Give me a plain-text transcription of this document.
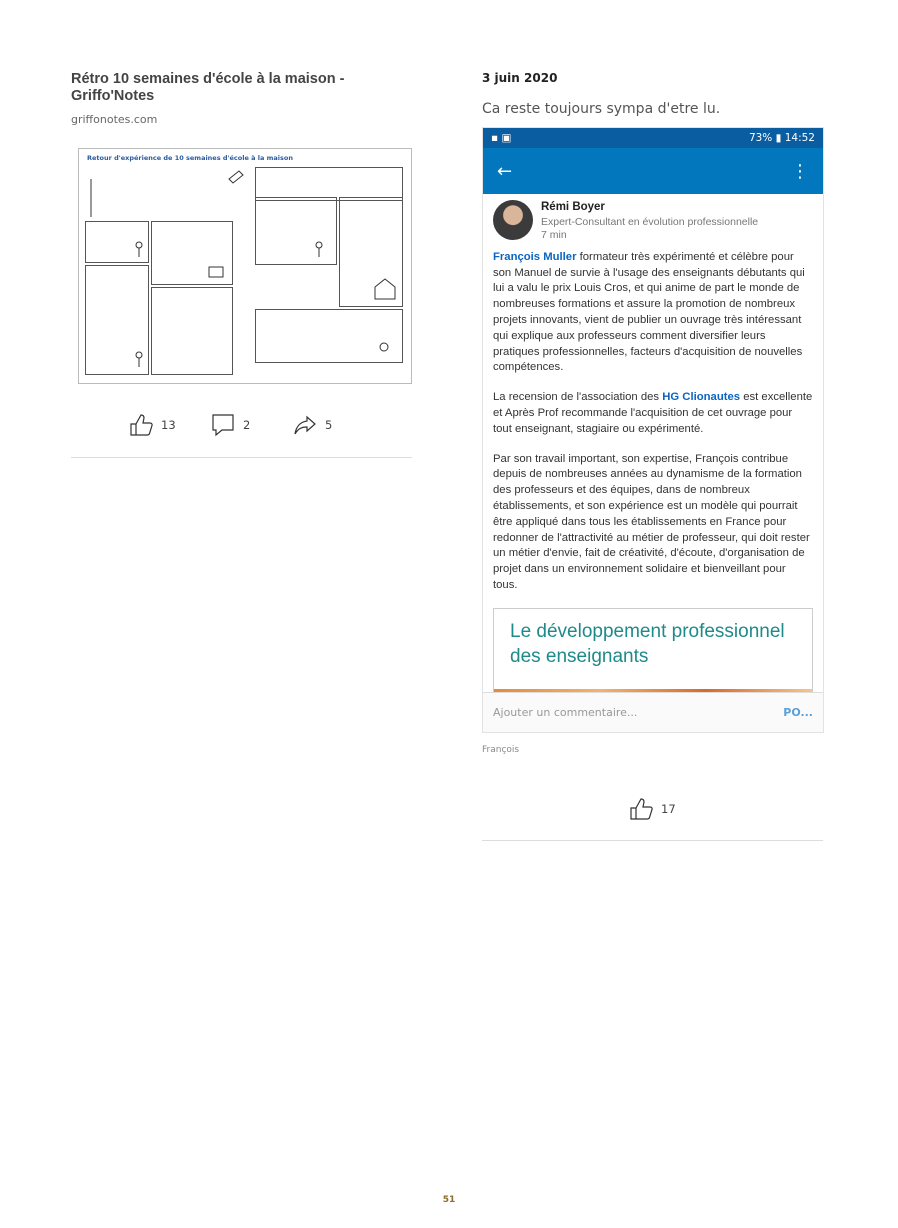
Rétro 10 semaines d'école à la maison - Griffo'Notes
griffonotes.com
Retour d'expérience de 10 semaines d'école à la maison
13	2	5
3 juin 2020
Ca reste toujours sympa d'etre lu.
▪ ▣	73% ▮ 14:52
←	⋮
Rémi Boyer
Expert-Consultant en évolution professionnelle
7 min
François Muller formateur très expérimenté et célèbre pour son Manuel de survie à l'usage des enseignants débutants qui lui a valu le prix Louis Cros, et qui anime de part le monde de nombreuses formations et assure la promotion de nombreux projets innovants, vient de publier un ouvrage très intéressant qui explique aux professeurs comment diversifier leurs pratiques professionnelles, facteurs d'acquisition de nouvelles compétences.
La recension de l'association des HG Clionautes est excellente et Après Prof recommande l'acquisition de cet ouvrage pour tout enseignant, stagiaire ou expérimenté.
Par son travail important, son expertise, François contribue depuis de nombreuses années au dynamisme de la formation des professeurs et des équipes, dans de nombreux établissements, et son expérience est un modèle qui pourrait être appliqué dans tous les établissements en France pour redonner de l'attractivité au métier de professeur, qui doit rester un métier d'envie, fait de créativité, d'écoute, d'organisation de projet dans un environnement solidaire et bienveillant pour tous.
Le développement professionnel des enseignants
Ajouter un commentaire...	PO...
François
17
51
